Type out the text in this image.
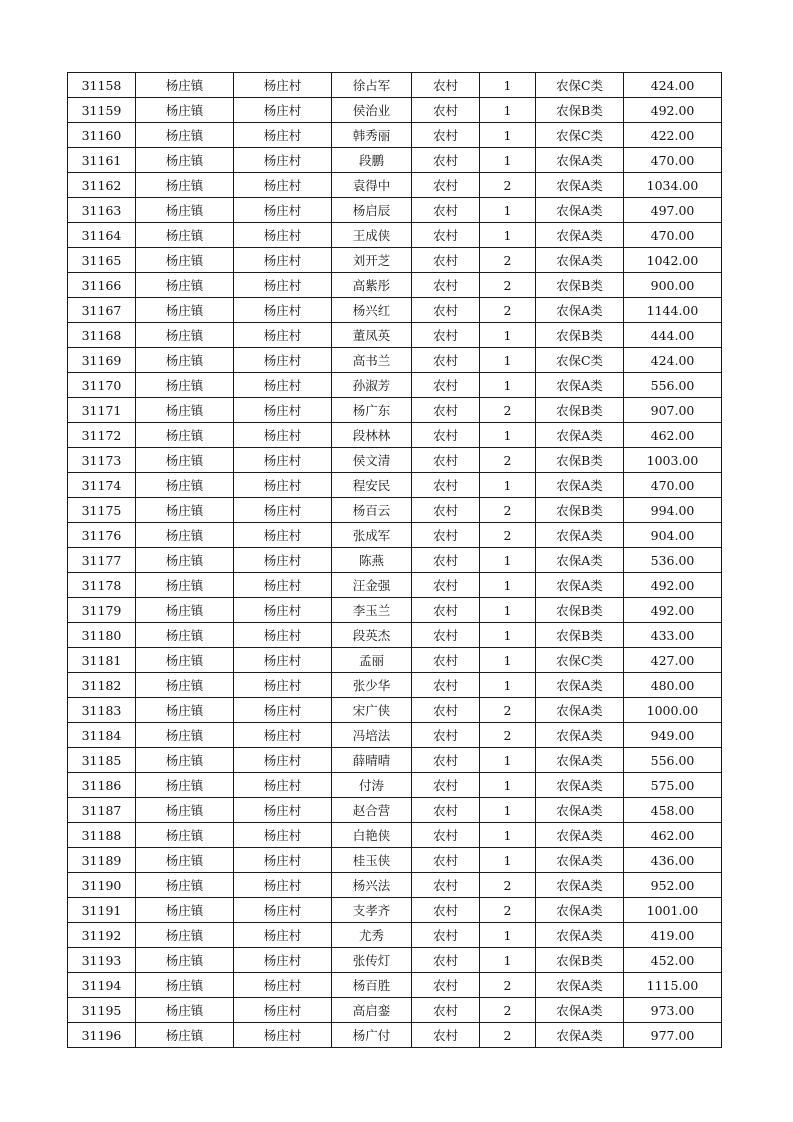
31158	杨庄镇	杨庄村	徐占军	农村	1	农保C类	424.00
31159	杨庄镇	杨庄村	侯治业	农村	1	农保B类	492.00
31160	杨庄镇	杨庄村	韩秀丽	农村	1	农保C类	422.00
31161	杨庄镇	杨庄村	段鹏	农村	1	农保A类	470.00
31162	杨庄镇	杨庄村	袁得中	农村	2	农保A类	1034.00
31163	杨庄镇	杨庄村	杨启辰	农村	1	农保A类	497.00
31164	杨庄镇	杨庄村	王成侠	农村	1	农保A类	470.00
31165	杨庄镇	杨庄村	刘开芝	农村	2	农保A类	1042.00
31166	杨庄镇	杨庄村	高紫彤	农村	2	农保B类	900.00
31167	杨庄镇	杨庄村	杨兴红	农村	2	农保A类	1144.00
31168	杨庄镇	杨庄村	董凤英	农村	1	农保B类	444.00
31169	杨庄镇	杨庄村	高书兰	农村	1	农保C类	424.00
31170	杨庄镇	杨庄村	孙淑芳	农村	1	农保A类	556.00
31171	杨庄镇	杨庄村	杨广东	农村	2	农保B类	907.00
31172	杨庄镇	杨庄村	段林林	农村	1	农保A类	462.00
31173	杨庄镇	杨庄村	侯文清	农村	2	农保B类	1003.00
31174	杨庄镇	杨庄村	程安民	农村	1	农保A类	470.00
31175	杨庄镇	杨庄村	杨百云	农村	2	农保B类	994.00
31176	杨庄镇	杨庄村	张成军	农村	2	农保A类	904.00
31177	杨庄镇	杨庄村	陈燕	农村	1	农保A类	536.00
31178	杨庄镇	杨庄村	汪金强	农村	1	农保A类	492.00
31179	杨庄镇	杨庄村	李玉兰	农村	1	农保B类	492.00
31180	杨庄镇	杨庄村	段英杰	农村	1	农保B类	433.00
31181	杨庄镇	杨庄村	孟丽	农村	1	农保C类	427.00
31182	杨庄镇	杨庄村	张少华	农村	1	农保A类	480.00
31183	杨庄镇	杨庄村	宋广侠	农村	2	农保A类	1000.00
31184	杨庄镇	杨庄村	冯培法	农村	2	农保A类	949.00
31185	杨庄镇	杨庄村	薛晴晴	农村	1	农保A类	556.00
31186	杨庄镇	杨庄村	付涛	农村	1	农保A类	575.00
31187	杨庄镇	杨庄村	赵合营	农村	1	农保A类	458.00
31188	杨庄镇	杨庄村	白艳侠	农村	1	农保A类	462.00
31189	杨庄镇	杨庄村	桂玉侠	农村	1	农保A类	436.00
31190	杨庄镇	杨庄村	杨兴法	农村	2	农保A类	952.00
31191	杨庄镇	杨庄村	支孝齐	农村	2	农保A类	1001.00
31192	杨庄镇	杨庄村	尤秀	农村	1	农保A类	419.00
31193	杨庄镇	杨庄村	张传灯	农村	1	农保B类	452.00
31194	杨庄镇	杨庄村	杨百胜	农村	2	农保A类	1115.00
31195	杨庄镇	杨庄村	高启銮	农村	2	农保A类	973.00
31196	杨庄镇	杨庄村	杨广付	农村	2	农保A类	977.00
